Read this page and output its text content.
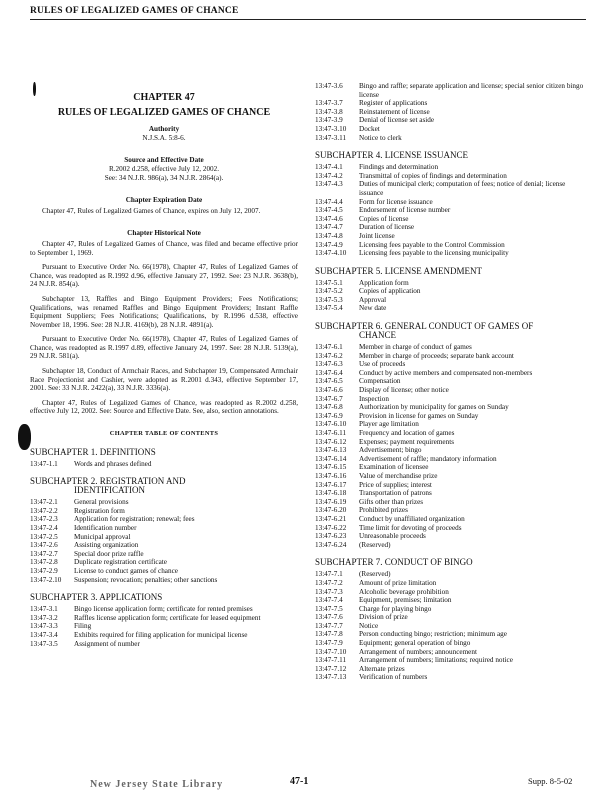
RULES OF LEGALIZED GAMES OF CHANCE
CHAPTER 47
RULES OF LEGALIZED GAMES OF CHANCE
Authority
N.J.S.A. 5:8-6.
Source and Effective Date
R.2002 d.258, effective July 12, 2002.
See: 34 N.J.R. 986(a), 34 N.J.R. 2864(a).
Chapter Expiration Date

Chapter 47, Rules of Legalized Games of Chance, expires on July 12, 2007.

Chapter Historical Note

Chapter 47, Rules of Legalized Games of Chance, was filed and became effective prior to September 1, 1969.

Pursuant to Executive Order No. 66(1978), Chapter 47, Rules of Legalized Games of Chance, was readopted as R.1992 d.96, effective January 27, 1992. See: 23 N.J.R. 3638(b), 24 N.J.R. 854(a).

Subchapter 13, Raffles and Bingo Equipment Providers; Fees Notifications; Qualifications, was renamed Raffles and Bingo Equipment Providers; Instant Raffle Equipment Suppliers; Fees Notifications; Qualifications, by R.1996 d.538, effective November 18, 1996. See: 28 N.J.R. 4169(b), 28 N.J.R. 4891(a).

Pursuant to Executive Order No. 66(1978), Chapter 47, Rules of Legalized Games of Chance, was readopted as R.1997 d.89, effective January 24, 1997. See: 28 N.J.R. 5139(a), 29 N.J.R. 581(a).

Subchapter 18, Conduct of Armchair Races, and Subchapter 19, Compensated Armchair Race Projectionist and Cashier, were adopted as R.2001 d.343, effective September 17, 2001. See: 33 N.J.R. 2422(a), 33 N.J.R. 3336(a).

Chapter 47, Rules of Legalized Games of Chance, was readopted as R.2002 d.258, effective July 12, 2002. See: Source and Effective Date. See, also, section annotations.

CHAPTER TABLE OF CONTENTS
SUBCHAPTER 1. DEFINITIONS
13:47-1.1	Words and phrases defined
SUBCHAPTER 2. REGISTRATION AND
IDENTIFICATION
13:47-2.1	General provisions
13:47-2.2	Registration form
13:47-2.3	Application for registration; renewal; fees
13:47-2.4	Identification number
13:47-2.5	Municipal approval
13:47-2.6	Assisting organization
13:47-2.7	Special door prize raffle
13:47-2.8	Duplicate registration certificate
13:47-2.9	License to conduct games of chance
13:47-2.10	Suspension; revocation; penalties; other sanctions
SUBCHAPTER 3. APPLICATIONS
13:47-3.1	Bingo license application form; certificate for rented premises
13:47-3.2	Raffles license application form; certificate for leased equipment
13:47-3.3	Filing
13:47-3.4	Exhibits required for filing application for municipal license
13:47-3.5	Assignment of number
13:47-3.6	Bingo and raffle; separate application and license; special senior citizen bingo license
13:47-3.7	Register of applications
13:47-3.8	Reinstatement of license
13:47-3.9	Denial of license set aside
13:47-3.10	Docket
13:47-3.11	Notice to clerk
SUBCHAPTER 4. LICENSE ISSUANCE
13:47-4.1	Findings and determination
13:47-4.2	Transmittal of copies of findings and determination
13:47-4.3	Duties of municipal clerk; computation of fees; notice of denial; license issuance
13:47-4.4	Form for license issuance
13:47-4.5	Endorsement of license number
13:47-4.6	Copies of license
13:47-4.7	Duration of license
13:47-4.8	Joint license
13:47-4.9	Licensing fees payable to the Control Commission
13:47-4.10	Licensing fees payable to the licensing municipality
SUBCHAPTER 5. LICENSE AMENDMENT
13:47-5.1	Application form
13:47-5.2	Copies of application
13:47-5.3	Approval
13:47-5.4	New date
SUBCHAPTER 6. GENERAL CONDUCT OF GAMES OF
CHANCE
13:47-6.1	Member in charge of conduct of games
13:47-6.2	Member in charge of proceeds; separate bank account
13:47-6.3	Use of proceeds
13:47-6.4	Conduct by active members and compensated non-members
13:47-6.5	Compensation
13:47-6.6	Display of license; other notice
13:47-6.7	Inspection
13:47-6.8	Authorization by municipality for games on Sunday
13:47-6.9	Provision in license for games on Sunday
13:47-6.10	Player age limitation
13:47-6.11	Frequency and location of games
13:47-6.12	Expenses; payment requirements
13:47-6.13	Advertisement; bingo
13:47-6.14	Advertisement of raffle; mandatory information
13:47-6.15	Examination of licensee
13:47-6.16	Value of merchandise prize
13:47-6.17	Price of supplies; interest
13:47-6.18	Transportation of patrons
13:47-6.19	Gifts other than prizes
13:47-6.20	Prohibited prizes
13:47-6.21	Conduct by unaffiliated organization
13:47-6.22	Time limit for devoting of proceeds
13:47-6.23	Unreasonable proceeds
13:47-6.24	(Reserved)
SUBCHAPTER 7. CONDUCT OF BINGO
13:47-7.1	(Reserved)
13:47-7.2	Amount of prize limitation
13:47-7.3	Alcoholic beverage prohibition
13:47-7.4	Equipment, premises; limitation
13:47-7.5	Charge for playing bingo
13:47-7.6	Division of prize
13:47-7.7	Notice
13:47-7.8	Person conducting bingo; restriction; minimum age
13:47-7.9	Equipment; general operation of bingo
13:47-7.10	Arrangement of numbers; announcement
13:47-7.11	Arrangement of numbers; limitations; required notice
13:47-7.12	Alternate prizes
13:47-7.13	Verification of numbers
New Jersey State Library	47-1	Supp. 8-5-02
